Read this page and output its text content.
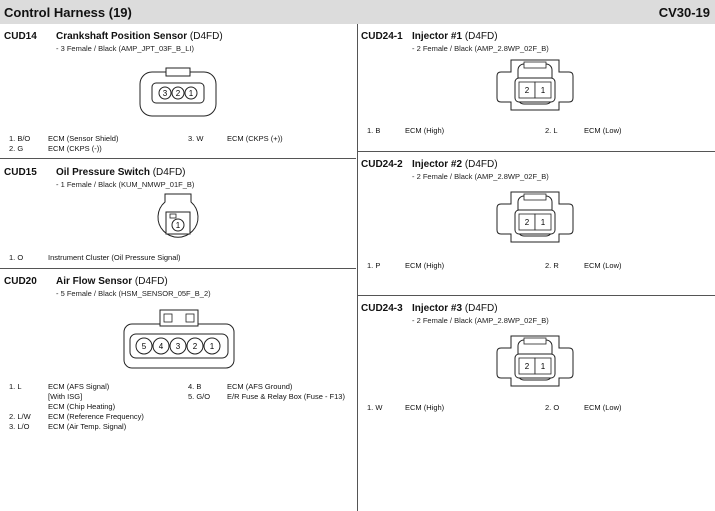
Control Harness (19)	CV30-19
CUD14 Crankshaft Position Sensor (D4FD)
- 3 Female / Black (AMP_JPT_03F_B_LI)
3 2 1
1. B/O ECM (Sensor Shield)
2. G	ECM (CKPS (-))
3. W	ECM (CKPS (+))
CUD15 Oil Pressure Switch (D4FD)
- 1 Female / Black (KUM_NMWP_01F_B)
1
1. O	Instrument Cluster (Oil Pressure Signal)
CUD20 Air Flow Sensor (D4FD)
- 5 Female / Black (HSM_SENSOR_05F_B_2)
5 4 3 2 1
1. L	ECM (AFS Signal)
[With ISG]
ECM (Chip Heating)
2. L/W ECM (Reference Frequency)
3. L/O ECM (Air Temp. Signal)
4. B	ECM (AFS Ground)
5. G/O E/R Fuse & Relay Box (Fuse - F13)
CUD24-1 Injector #1 (D4FD)
- 2 Female / Black (AMP_2.8WP_02F_B)
2 1
1. B	ECM (High)	2. L	ECM (Low)
CUD24-2 Injector #2 (D4FD)
- 2 Female / Black (AMP_2.8WP_02F_B)
2 1
1. P	ECM (High)	2. R	ECM (Low)
CUD24-3 Injector #3 (D4FD)
- 2 Female / Black (AMP_2.8WP_02F_B)
2 1
1. W	ECM (High)	2. O	ECM (Low)
